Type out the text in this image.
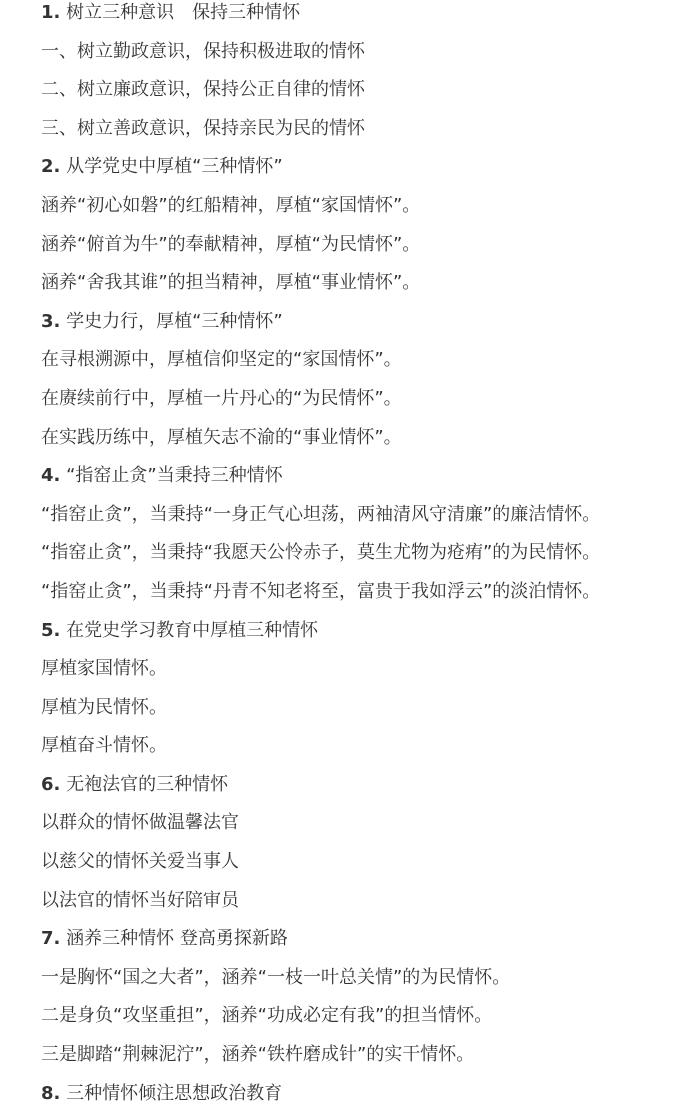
1. 树立三种意识　保持三种情怀
一、树立勤政意识，保持积极进取的情怀
二、树立廉政意识，保持公正自律的情怀
三、树立善政意识，保持亲民为民的情怀
2. 从学党史中厚植“三种情怀”
涵养“初心如磐”的红船精神，厚植“家国情怀”。
涵养“俯首为牛”的奉献精神，厚植“为民情怀”。
涵养“舍我其谁”的担当精神，厚植“事业情怀”。
3. 学史力行，厚植“三种情怀”
在寻根溯源中，厚植信仰坚定的“家国情怀”。
在赓续前行中，厚植一片丹心的“为民情怀”。
在实践历练中，厚植矢志不渝的“事业情怀”。
4. “指窑止贪”当秉持三种情怀
“指窑止贪”，当秉持“一身正气心坦荡，两袖清风守清廉”的廉洁情怀。
“指窑止贪”，当秉持“我愿天公怜赤子，莫生尤物为疮痏”的为民情怀。
“指窑止贪”，当秉持“丹青不知老将至，富贵于我如浮云”的淡泊情怀。
5. 在党史学习教育中厚植三种情怀
厚植家国情怀。
厚植为民情怀。
厚植奋斗情怀。
6. 无袍法官的三种情怀
以群众的情怀做温馨法官
以慈父的情怀关爱当事人
以法官的情怀当好陪审员
7. 涵养三种情怀 登高勇探新路
一是胸怀“国之大者”，涵养“一枝一叶总关情”的为民情怀。
二是身负“攻坚重担”，涵养“功成必定有我”的担当情怀。
三是脚踏“荆棘泥泞”，涵养“铁杵磨成针”的实干情怀。
8. 三种情怀倾注思想政治教育
